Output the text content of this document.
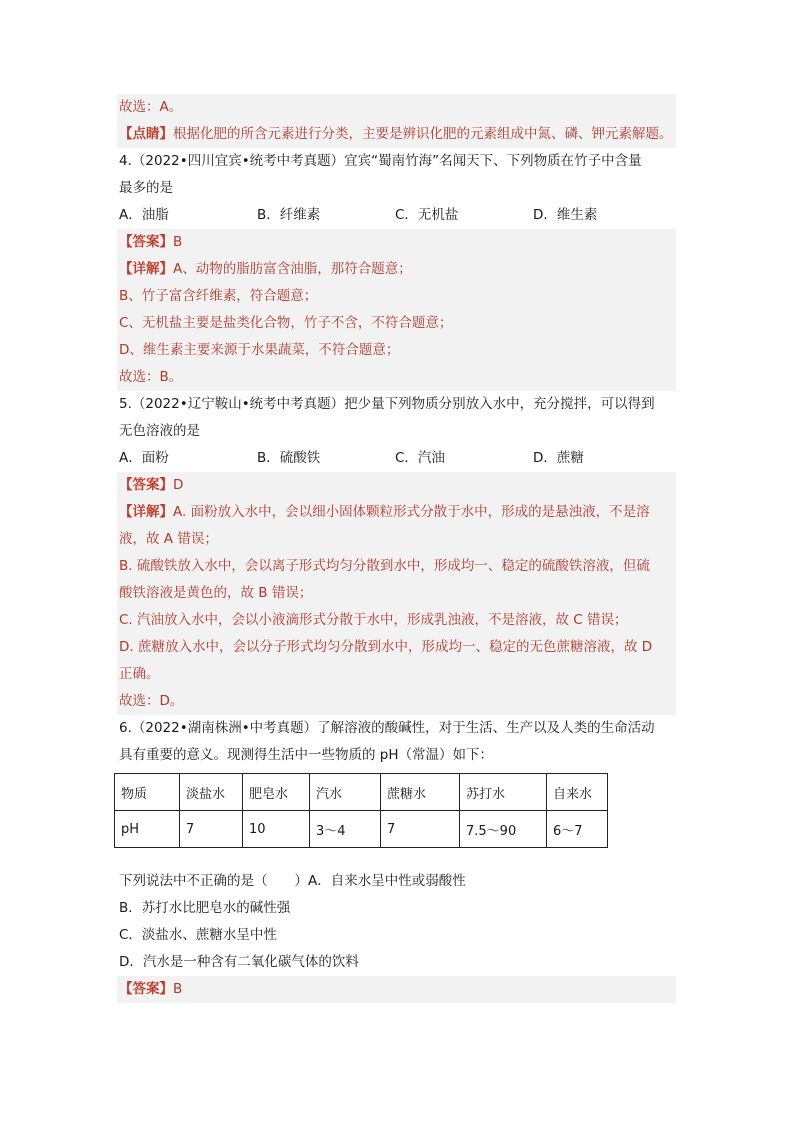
故选：A。
【点睛】根据化肥的所含元素进行分类，主要是辨识化肥的元素组成中氮、磷、钾元素解题。
4.（2022•四川宜宾•统考中考真题）宜宾“蜀南竹海”名闻天下、下列物质在竹子中含量
最多的是
A．油脂	B．纤维素	C．无机盐	D．维生素
【答案】B
【详解】A、动物的脂肪富含油脂，那符合题意；
B、竹子富含纤维素，符合题意；
C、无机盐主要是盐类化合物，竹子不含，不符合题意；
D、维生素主要来源于水果蔬菜，不符合题意；
故选：B。
5.（2022•辽宁鞍山•统考中考真题）把少量下列物质分别放入水中，充分搅拌，可以得到
无色溶液的是
A．面粉	B．硫酸铁	C．汽油	D．蔗糖
【答案】D
【详解】A. 面粉放入水中，会以细小固体颗粒形式分散于水中，形成的是悬浊液，不是溶
液，故 A 错误；
B. 硫酸铁放入水中，会以离子形式均匀分散到水中，形成均一、稳定的硫酸铁溶液，但硫
酸铁溶液是黄色的，故 B 错误；
C. 汽油放入水中，会以小液滴形式分散于水中，形成乳浊液，不是溶液，故 C 错误；
D. 蔗糖放入水中，会以分子形式均匀分散到水中，形成均一、稳定的无色蔗糖溶液，故 D
正确。
故选：D。
6.（2022•湖南株洲•中考真题）了解溶液的酸碱性，对于生活、生产以及人类的生命活动
具有重要的意义。现测得生活中一些物质的 pH（常温）如下：
物质	淡盐水	肥皂水	汽水	蔗糖水	苏打水	自来水
pH	7	10	3～4	7	7.5～90	6～7
下列说法中不正确的是（　　）A．自来水呈中性或弱酸性
B．苏打水比肥皂水的碱性强
C．淡盐水、蔗糖水呈中性
D．汽水是一种含有二氧化碳气体的饮料
【答案】B
